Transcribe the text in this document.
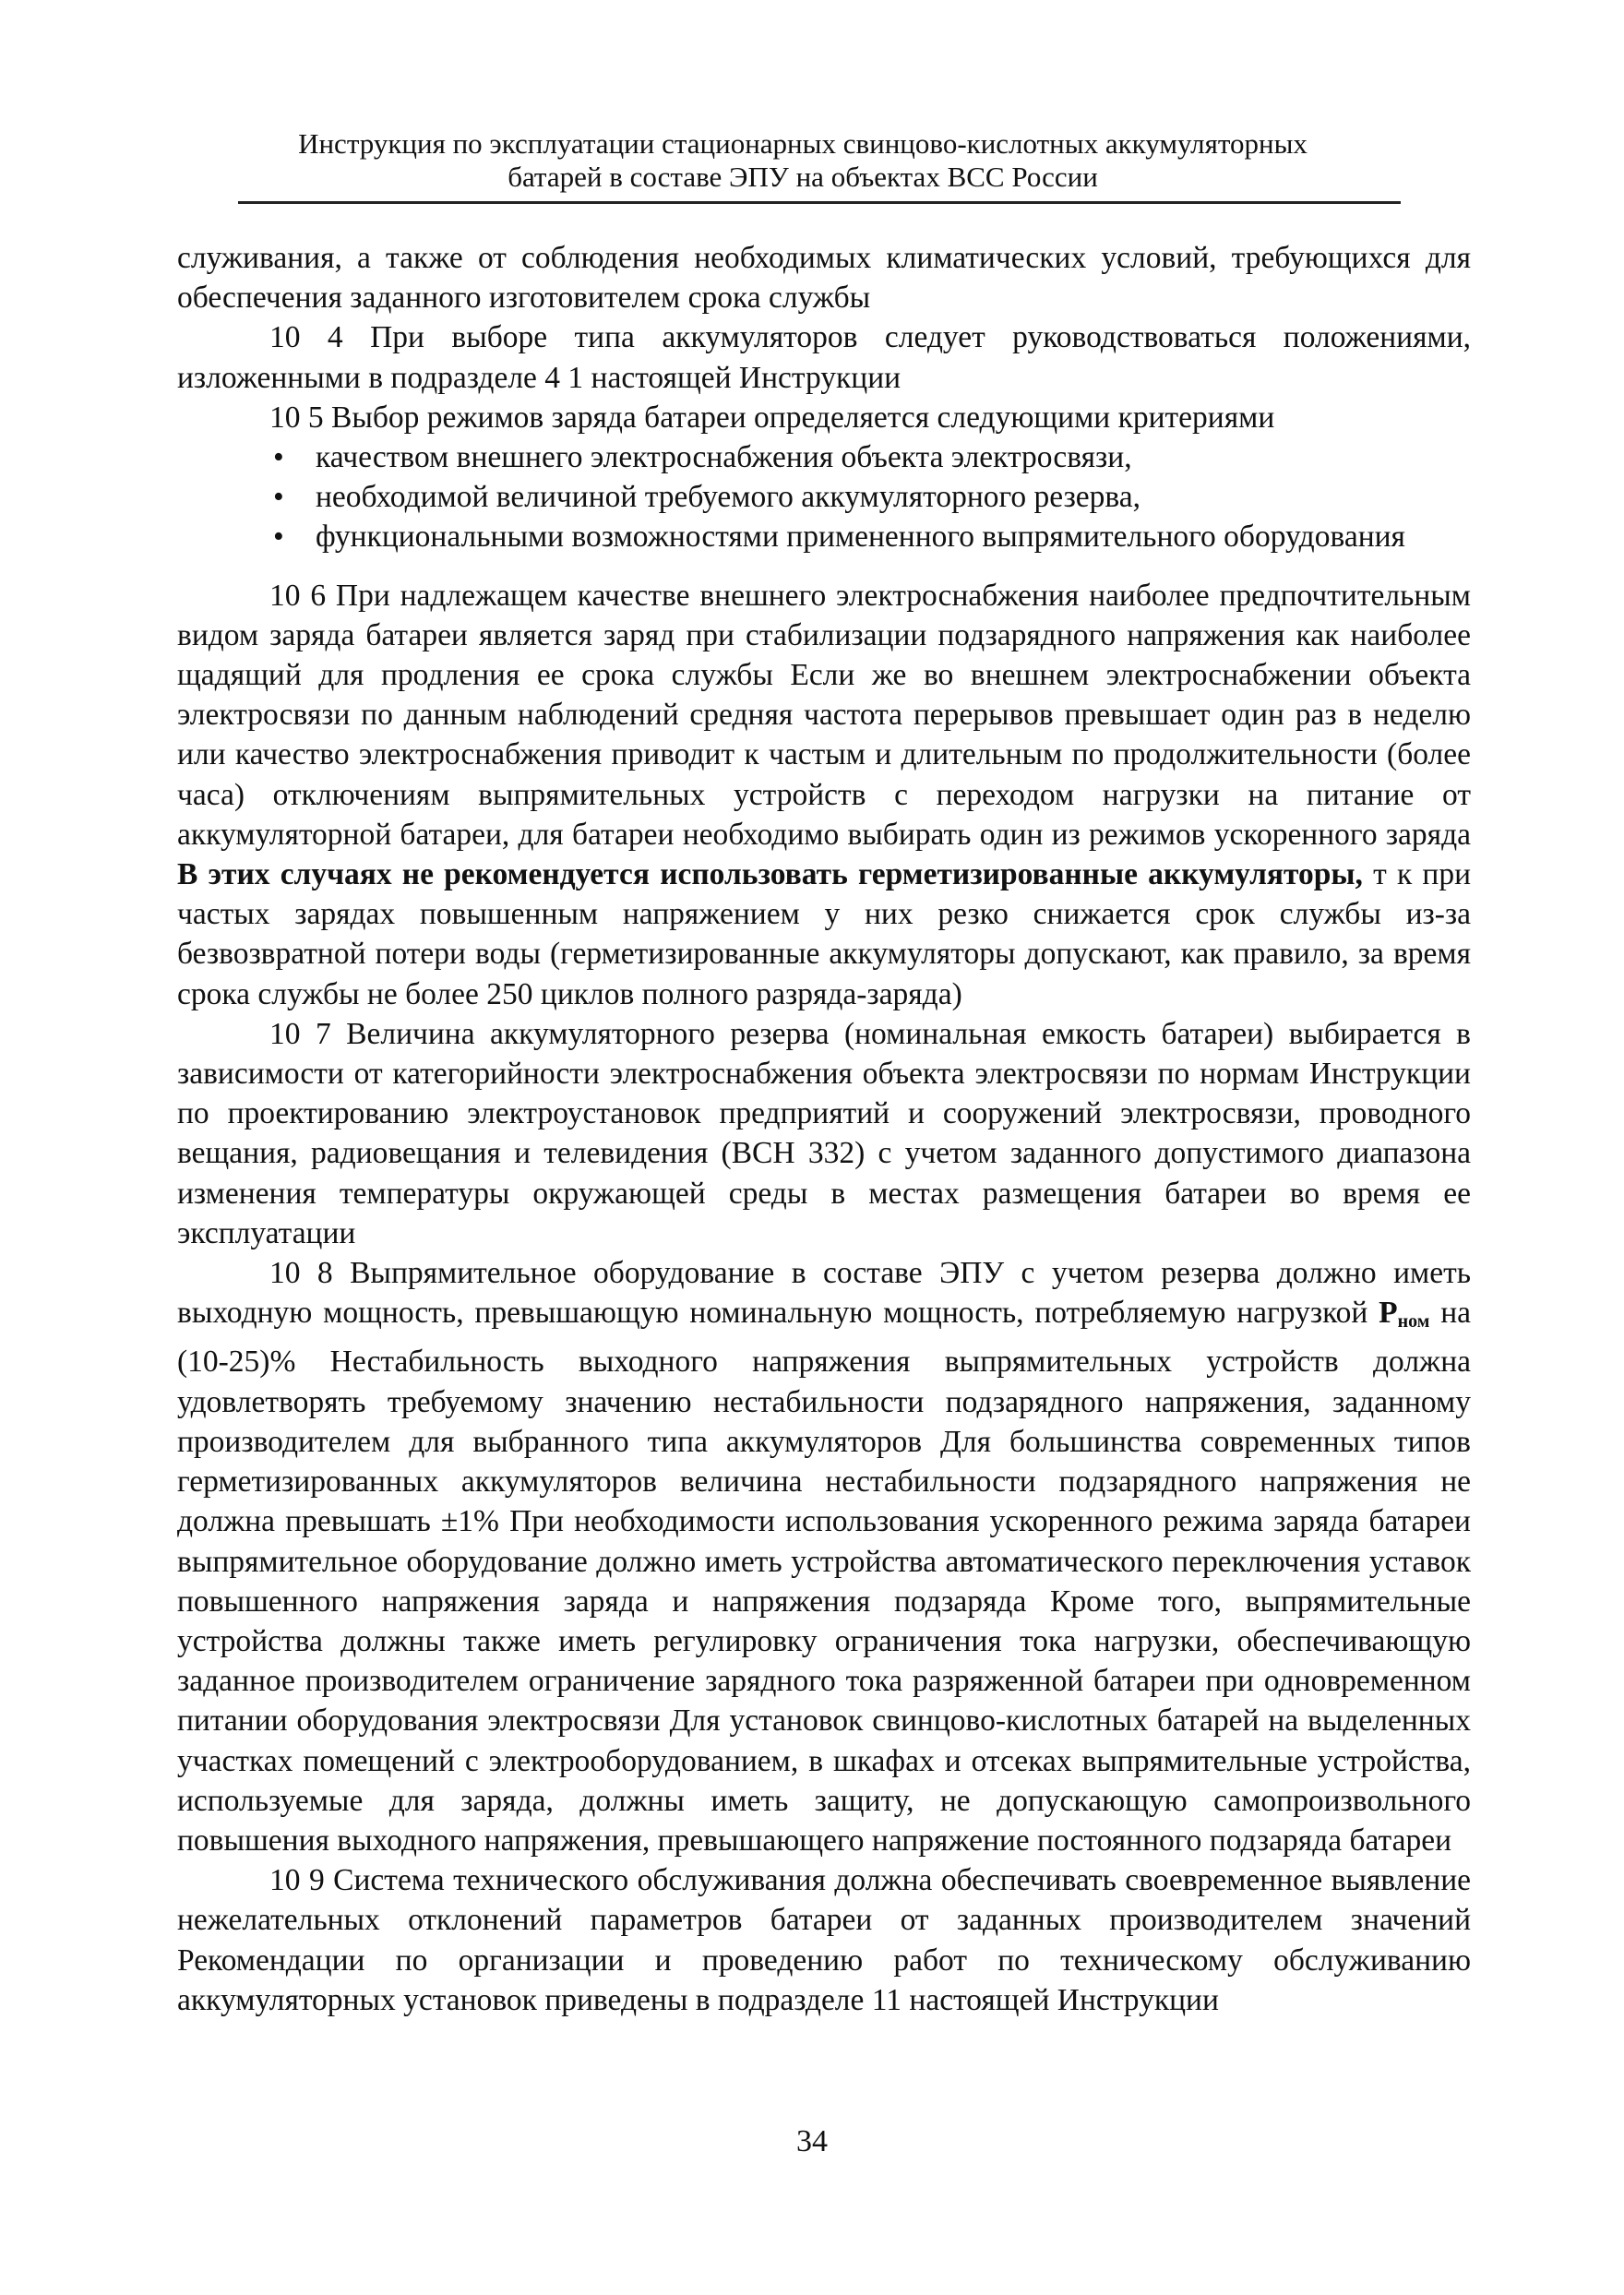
Инструкция по эксплуатации стационарных свинцово-кислотных аккумуляторных
батарей в составе ЭПУ на объектах ВСС России

служивания, а также от соблюдения необходимых климатических условий, требующихся для обеспечения заданного изготовителем срока службы

10 4 При выборе типа аккумуляторов следует руководствоваться положениями, изложенными в подразделе 4 1 настоящей Инструкции

10 5 Выбор режимов заряда батареи определяется следующими критериями

• качеством внешнего электроснабжения объекта электросвязи,
• необходимой величиной требуемого аккумуляторного резерва,
• функциональными возможностями примененного выпрямительного оборудования

10 6 При надлежащем качестве внешнего электроснабжения наиболее предпочтительным видом заряда батареи является заряд при стабилизации подзарядного напряжения как наиболее щадящий для продления ее срока службы Если же во внешнем электроснабжении объекта электросвязи по данным наблюдений средняя частота перерывов превышает один раз в неделю или качество электроснабжения приводит к частым и длительным по продолжительности (более часа) отключениям выпрямительных устройств с переходом нагрузки на питание от аккумуляторной батареи, для батареи необходимо выбирать один из режимов ускоренного заряда В этих случаях не рекомендуется использовать герметизированные аккумуляторы, т к при частых зарядах повышенным напряжением у них резко снижается срок службы из-за безвозвратной потери воды (герметизированные аккумуляторы допускают, как правило, за время срока службы не более 250 циклов полного разряда-заряда)

10 7 Величина аккумуляторного резерва (номинальная емкость батареи) выбирается в зависимости от категорийности электроснабжения объекта электросвязи по нормам Инструкции по проектированию электроустановок предприятий и сооружений электросвязи, проводного вещания, радиовещания и телевидения (ВСН 332) с учетом заданного допустимого диапазона изменения температуры окружающей среды в местах размещения батареи во время ее эксплуатации

10 8 Выпрямительное оборудование в составе ЭПУ с учетом резерва должно иметь выходную мощность, превышающую номинальную мощность, потребляемую нагрузкой $P_{ном}$ на (10-25)% Нестабильность выходного напряжения выпрямительных устройств должна удовлетворять требуемому значению нестабильности подзарядного напряжения, заданному производителем для выбранного типа аккумуляторов Для большинства современных типов герметизированных аккумуляторов величина нестабильности подзарядного напряжения не должна превышать ±1% При необходимости использования ускоренного режима заряда батареи выпрямительное оборудование должно иметь устройства автоматического переключения уставок повышенного напряжения заряда и напряжения подзаряда Кроме того, выпрямительные устройства должны также иметь регулировку ограничения тока нагрузки, обеспечивающую заданное производителем ограничение зарядного тока разряженной батареи при одновременном питании оборудования электросвязи Для установок свинцово-кислотных батарей на выделенных участках помещений с электрооборудованием, в шкафах и отсеках выпрямительные устройства, используемые для заряда, должны иметь защиту, не допускающую самопроизвольного повышения выходного напряжения, превышающего напряжение постоянного подзаряда батареи

10 9 Система технического обслуживания должна обеспечивать своевременное выявление нежелательных отклонений параметров батареи от заданных производителем значений Рекомендации по организации и проведению работ по техническому обслуживанию аккумуляторных установок приведены в подразделе 11 настоящей Инструкции

34
